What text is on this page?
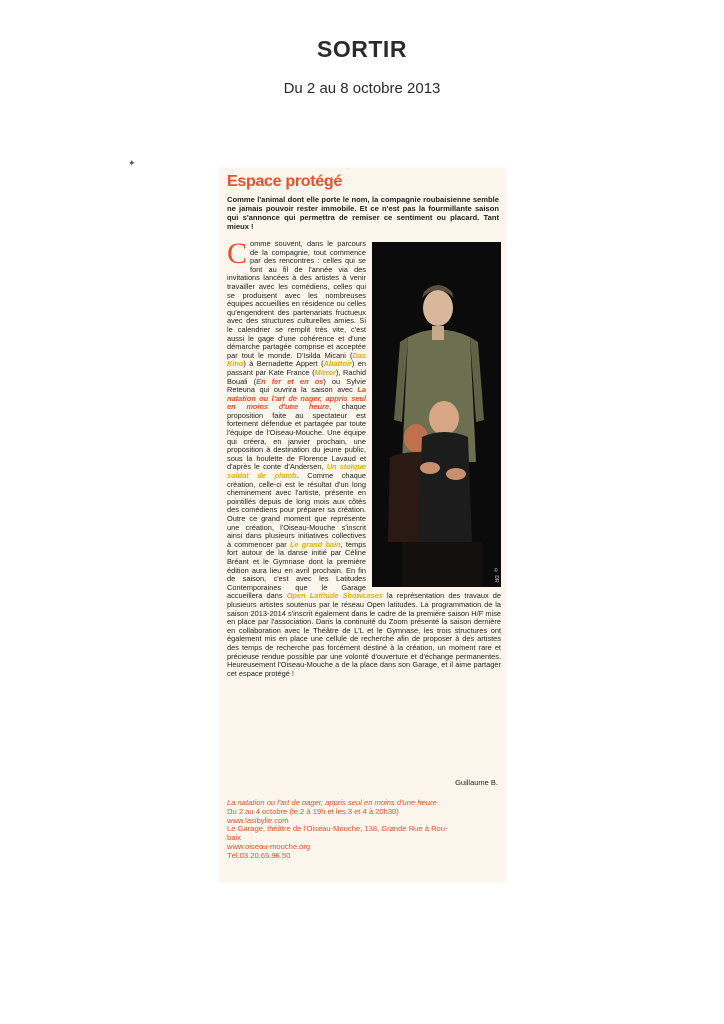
SORTIR
Du 2 au 8 octobre 2013
✦
Espace protégé
Comme l'animal dont elle porte le nom, la compagnie roubaisienne semble ne jamais pouvoir rester immobile. Et ce n'est pas la fourmillante saison qui s'annonce qui permettra de remiser ce sentiment ou placard. Tant mieux !
© DR
C omme souvent, dans le parcours de la compagnie, tout commence par des rencontres : celles qui se font au fil de l'année via des invitations lancées à des artistes à venir travailler avec les comédiens, celles qui se produisent avec les nombreuses équipes accueillies en résidence ou celles qu'engendrent des partenariats fructueux avec des structures culturelles amies. Si le calendrier se remplit très vite, c'est aussi le gage d'une cohérence et d'une démarche partagée comprise et acceptée par tout le monde. D'Isilda Micani (Das Kino) à Bernadette Appert (Abattoir) en passant par Kate France (Mirror), Rachid Bouali (En fer et en os) ou Sylvie Reteuna qui ouvrira la saison avec La natation ou l'art de nager, appris seul en moins d'une heure, chaque proposition faite au spectateur est fortement défendue et partagée par toute l'équipe de l'Oiseau-Mouche. Une équipe qui créera, en janvier prochain, une proposition à destination du jeune public, sous la houlette de Florence Lavaud et d'après le conte d'Andersen, Un stoïque soldat de plomb. Comme chaque création, celle-ci est le résultat d'un long cheminement avec l'artiste, présente en pointillés depuis de long mois aux côtés des comédiens pour préparer sa création. Outre ce grand moment que représente une création, l'Oiseau-Mouche s'inscrit ainsi dans plusieurs initiatives collectives à commencer par Le grand bain, temps fort autour de la danse initié par Céline Bréant et le Gymnase dont la première édition aura lieu en avril prochain. En fin de saison, c'est avec les Latitudes Contemporaines que le Garage accueillera dans Open Latitude Showcases la représentation des travaux de plusieurs artistes soutenus par le réseau Open latitudes. La programmation de la saison 2013-2014 s'inscrit également dans le cadre de la première saison H/F mise en place par l'association. Dans la continuité du Zoom présenté la saison dernière en collaboration avec le Théâtre de L'L et le Gymnase, les trois structures ont également mis en place une cellule de recherche afin de proposer à des artistes des temps de recherche pas forcément destiné à la création, un moment rare et précieuse rendue possible par une volonté d'ouverture et d'échange permanentes. Heureusement l'Oiseau-Mouche a de la place dans son Garage, et il aime partager cet espace protégé !
Guillaume B.
La natation ou l'art de nager, appris seul en moins d'une heure
Du 2 au 4 octobre (le 2 à 19h et les 3 et 4 à 20h30)
www.lasibylle.com
Le Garage, théâtre de l'Oiseau-Mouche, 138, Grande Rue à Rou-
baix
www.oiseau-mouche.org
Tél.03.20.65.96.50
